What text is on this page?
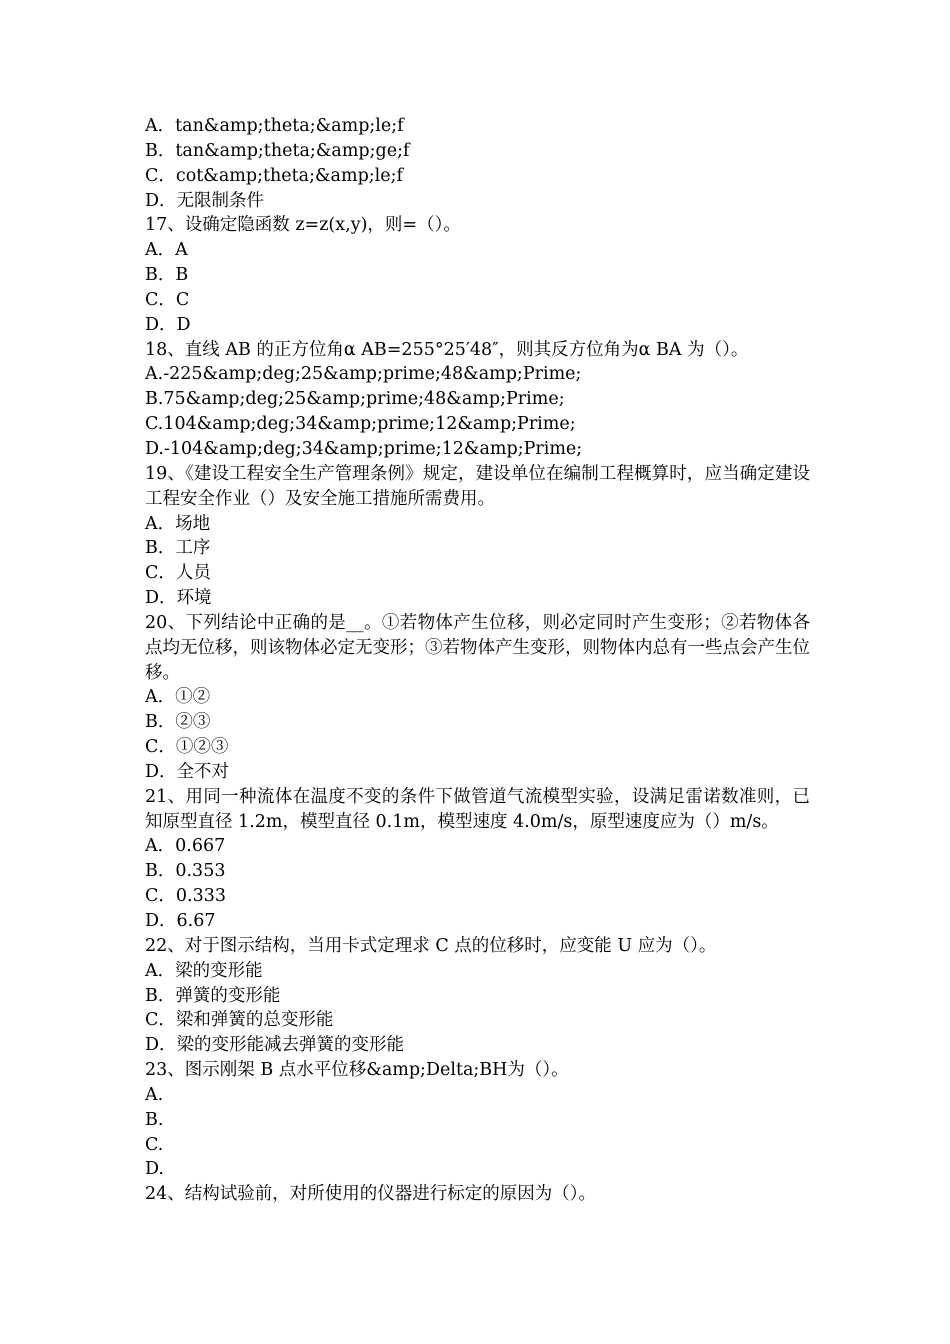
A．tan&amp;theta;&amp;le;f
B．tan&amp;theta;&amp;ge;f
C．cot&amp;theta;&amp;le;f
D．无限制条件
17、设确定隐函数 z=z(x,y)，则=（）。
A．A
B．B
C．C
D．D
18、直线 AB 的正方位角α AB=255°25′48″，则其反方位角为α BA 为（）。
A.-225&amp;deg;25&amp;prime;48&amp;Prime;
B.75&amp;deg;25&amp;prime;48&amp;Prime;
C.104&amp;deg;34&amp;prime;12&amp;Prime;
D.-104&amp;deg;34&amp;prime;12&amp;Prime;
19、《建设工程安全生产管理条例》规定，建设单位在编制工程概算时，应当确定建设工程安全作业（）及安全施工措施所需费用。
A．场地
B．工序
C．人员
D．环境
20、下列结论中正确的是__。①若物体产生位移，则必定同时产生变形；②若物体各点均无位移，则该物体必定无变形；③若物体产生变形，则物体内总有一些点会产生位移。
A．①②
B．②③
C．①②③
D．全不对
21、用同一种流体在温度不变的条件下做管道气流模型实验，设满足雷诺数准则，已知原型直径 1.2m，模型直径 0.1m，模型速度 4.0m/s，原型速度应为（）m/s。
A．0.667
B．0.353
C．0.333
D．6.67
22、对于图示结构，当用卡式定理求 C 点的位移时，应变能 U 应为（）。
A．梁的变形能
B．弹簧的变形能
C．梁和弹簧的总变形能
D．梁的变形能减去弹簧的变形能
23、图示刚架 B 点水平位移&amp;Delta;BH为（）。
A.
B.
C.
D.
24、结构试验前，对所使用的仪器进行标定的原因为（）。
